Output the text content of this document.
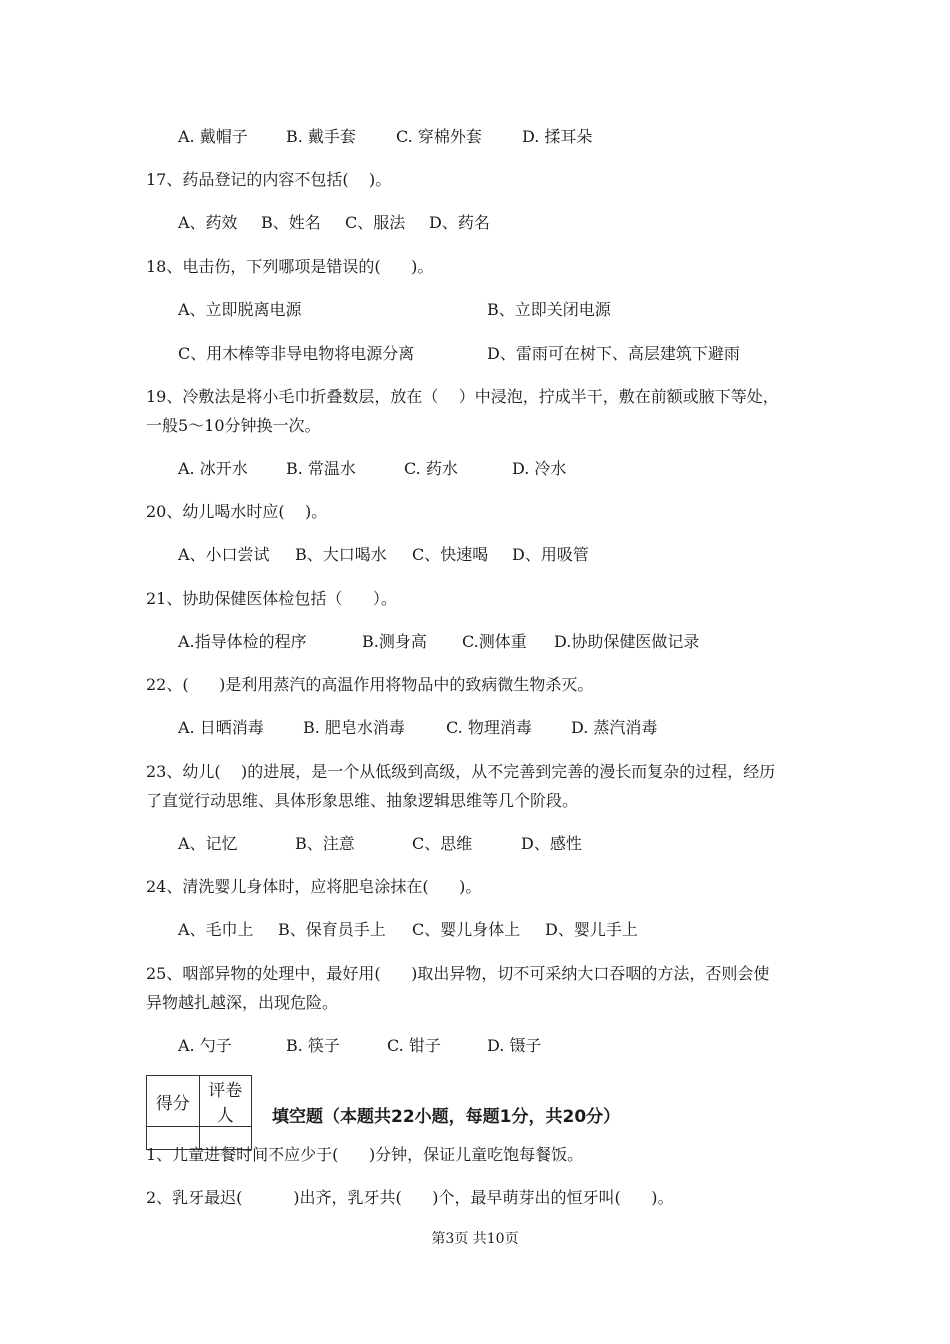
A. 戴帽子 B. 戴手套	C. 穿棉外套	D. 揉耳朵
17、药品登记的内容不包括(    )。
A、药效 B、姓名 C、服法 D、药名
18、电击伤，下列哪项是错误的(      )。
A、立即脱离电源	B、立即关闭电源
C、用木棒等非导电物将电源分离	D、雷雨可在树下、高层建筑下避雨
19、冷敷法是将小毛巾折叠数层，放在（    ）中浸泡，拧成半干，敷在前额或腋下等处，
一般5～10分钟换一次。
A. 冰开水 B. 常温水	C. 药水	D. 冷水
20、幼儿喝水时应(    )。
A、小口尝试 B、大口喝水 C、快速喝 D、用吸管
21、协助保健医体检包括（      ）。
A.指导体检的程序	B.测身高 C.测体重 D.协助保健医做记录
22、(      )是利用蒸汽的高温作用将物品中的致病微生物杀灭。
A. 日晒消毒 B. 肥皂水消毒	C. 物理消毒 D. 蒸汽消毒
23、幼儿(    )的进展，是一个从低级到高级，从不完善到完善的漫长而复杂的过程，经历
了直觉行动思维、具体形象思维、抽象逻辑思维等几个阶段。
A、记忆	B、注意	C、思维	D、感性
24、清洗婴儿身体时，应将肥皂涂抹在(      )。
A、毛巾上 B、保育员手上 C、婴儿身体上 D、婴儿手上
25、咽部异物的处理中，最好用(      )取出异物，切不可采纳大口吞咽的方法，否则会使
异物越扎越深，出现危险。
A. 勺子	B. 筷子	C. 钳子	D. 镊子
得分	评卷人
	填空题（本题共22小题，每题1分，共20分）
1、儿童进餐时间不应少于(      )分钟，保证儿童吃饱每餐饭。
2、乳牙最迟(          )出齐，乳牙共(      )个，最早萌芽出的恒牙叫(      )。
第3页 共10页
